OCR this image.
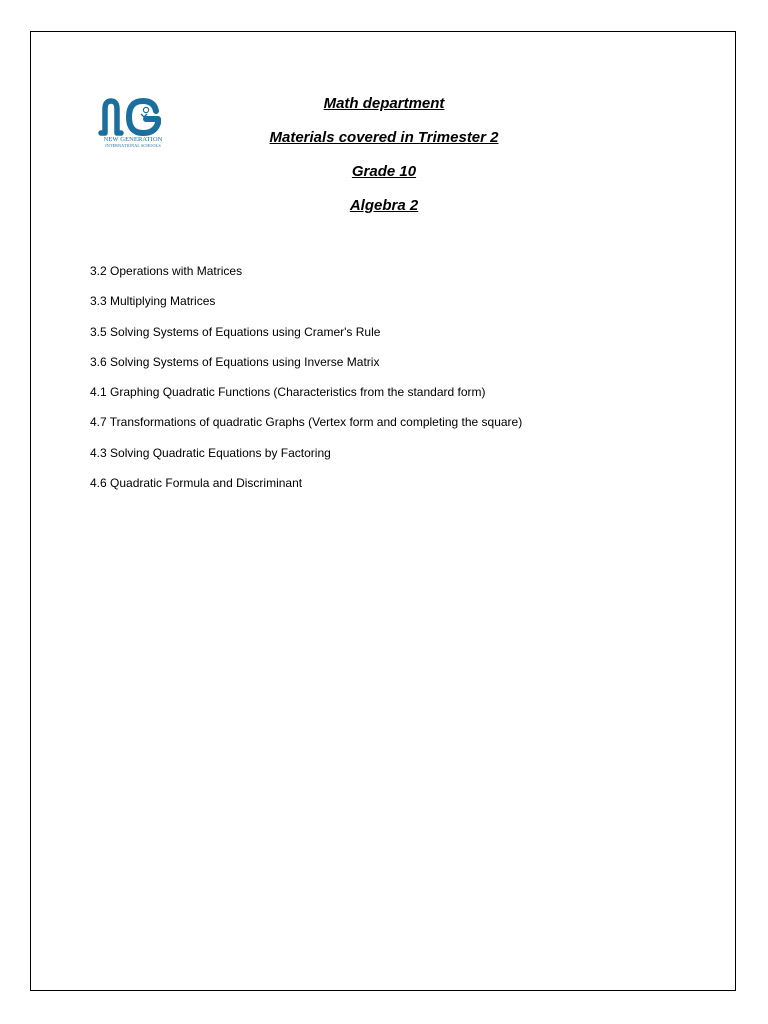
NEW GENERATION
INTERNATIONAL SCHOOLS
Math department
Materials covered in Trimester 2
Grade 10
Algebra 2
3.2 Operations with Matrices
3.3 Multiplying Matrices
3.5 Solving Systems of Equations using Cramer's Rule
3.6 Solving Systems of Equations using Inverse Matrix
4.1 Graphing Quadratic Functions (Characteristics from the standard form)
4.7 Transformations of quadratic Graphs (Vertex form and completing the square)
4.3 Solving Quadratic Equations by Factoring
4.6 Quadratic Formula and Discriminant
